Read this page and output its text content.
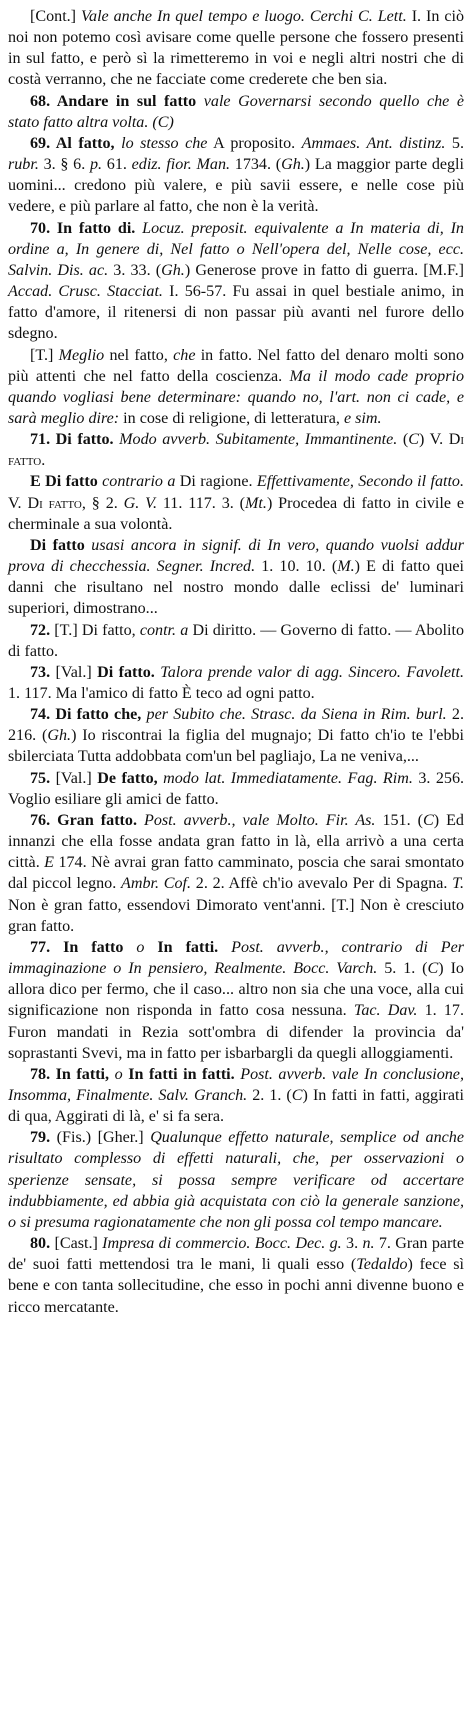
[Cont.] Vale anche In quel tempo e luogo. Cerchi C. Lett. I. In ciò noi non potemo così avisare come quelle persone che fossero presenti in sul fatto, e però sì la rimetteremo in voi e negli altri nostri che di costà verranno, che ne facciate come crederete che ben sia.

68. Andare in sul fatto vale Governarsi secondo quello che è stato fatto altra volta. (C)

69. Al fatto, lo stesso che A proposito. Ammaes. Ant. distinz. 5. rubr. 3. § 6. p. 61. ediz. fior. Man. 1734. (Gh.) La maggior parte degli uomini... credono più valere, e più savii essere, e nelle cose più vedere, e più parlare al fatto, che non è la verità.

70. In fatto di. Locuz. preposit. equivalente a In materia di, In ordine a, In genere di, Nel fatto o Nell'opera del, Nelle cose, ecc. Salvin. Dis. ac. 3. 33. (Gh.) Generose prove in fatto di guerra. [M.F.] Accad. Crusc. Stacciat. I. 56-57. Fu assai in quel bestiale animo, in fatto d'amore, il ritenersi di non passar più avanti nel furore dello sdegno.

[T.] Meglio nel fatto, che in fatto. Nel fatto del denaro molti sono più attenti che nel fatto della coscienza. Ma il modo cade proprio quando vogliasi bene determinare: quando no, l'art. non ci cade, e sarà meglio dire: in cose di religione, di letteratura, e sim.

71. Di fatto. Modo avverb. Subitamente, Immantinente. (C) V. Di fatto.

E Di fatto contrario a Di ragione. Effettivamente, Secondo il fatto. V. Di fatto, § 2. G. V. 11. 117. 3. (Mt.) Procedea di fatto in civile e cherminale a sua volontà.

Di fatto usasi ancora in signif. di In vero, quando vuolsi addur prova di checchessia. Segner. Incred. 1. 10. 10. (M.) E di fatto quei danni che risultano nel nostro mondo dalle eclissi de' luminari superiori, dimostrano...

72. [T.] Di fatto, contr. a Di diritto. — Governo di fatto. — Abolito di fatto.

73. [Val.] Di fatto. Talora prende valor di agg. Sincero. Favolett. 1. 117. Ma l'amico di fatto È teco ad ogni patto.

74. Di fatto che, per Subito che. Strasc. da Siena in Rim. burl. 2. 216. (Gh.) Io riscontrai la figlia del mugnajo; Di fatto ch'io te l'ebbi sbilerciata Tutta addobbata com'un bel pagliajo, La ne veniva,...

75. [Val.] De fatto, modo lat. Immediatamente. Fag. Rim. 3. 256. Voglio esiliare gli amici de fatto.

76. Gran fatto. Post. avverb., vale Molto. Fir. As. 151. (C) Ed innanzi che ella fosse andata gran fatto in là, ella arrivò a una certa città. E 174. Nè avrai gran fatto camminato, poscia che sarai smontato dal piccol legno. Ambr. Cof. 2. 2. Affè ch'io avevalo Per di Spagna. T. Non è gran fatto, essendovi Dimorato vent'anni. [T.] Non è cresciuto gran fatto.

77. In fatto o In fatti. Post. avverb., contrario di Per immaginazione o In pensiero, Realmente. Bocc. Varch. 5. 1. (C) Io allora dico per fermo, che il caso... altro non sia che una voce, alla cui significazione non risponda in fatto cosa nessuna. Tac. Dav. 1. 17. Furon mandati in Rezia sott'ombra di difender la provincia da' soprastanti Svevi, ma in fatto per isbarbargli da quegli alloggiamenti.

78. In fatti, o In fatti in fatti. Post. avverb. vale In conclusione, Insomma, Finalmente. Salv. Granch. 2. 1. (C) In fatti in fatti, aggirati di qua, Aggirati di là, e' si fa sera.

79. (Fis.) [Gher.] Qualunque effetto naturale, semplice od anche risultato complesso di effetti naturali, che, per osservazioni o sperienze sensate, si possa sempre verificare od accertare indubbiamente, ed abbia già acquistata con ciò la generale sanzione, o si presuma ragionatamente che non gli possa col tempo mancare.

80. [Cast.] Impresa di commercio. Bocc. Dec. g. 3. n. 7. Gran parte de' suoi fatti mettendosi tra le mani, li quali esso (Tedaldo) fece sì bene e con tanta sollecitudine, che esso in pochi anni divenne buono e ricco mercatante.
